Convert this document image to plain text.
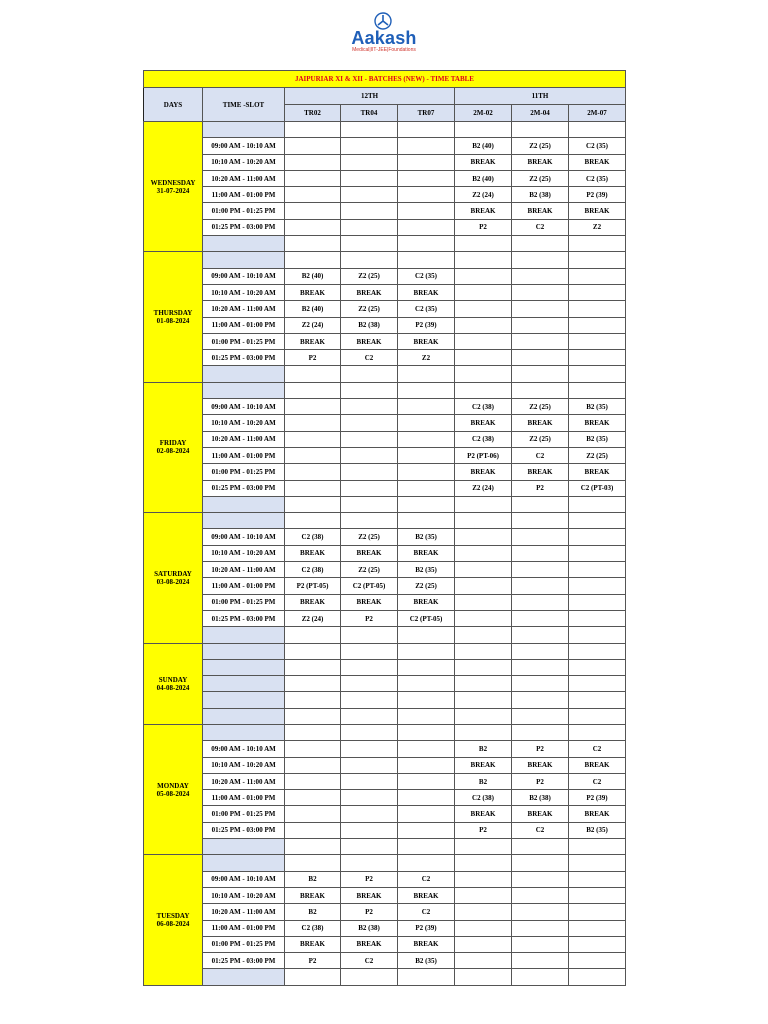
Aakash
Medical|IIT-JEE|Foundations
JAIPURIAR XI & XII - BATCHES (NEW) - TIME TABLE							
DAYS	TIME -SLOT	12TH			11TH		
		TR02	TR04	TR07	2M-02	2M-04	2M-07

WEDNESDAY
31-07-2024							

	09:00 AM - 10:10 AM				B2 (40)	Z2 (25)	C2 (35)
	10:10 AM - 10:20 AM				BREAK	BREAK	BREAK
	10:20 AM - 11:00 AM				B2 (40)	Z2 (25)	C2 (35)
	11:00 AM - 01:00 PM				Z2 (24)	B2 (38)	P2 (39)
	01:00 PM - 01:25 PM				BREAK	BREAK	BREAK
	01:25 PM - 03:00 PM				P2	C2	Z2

THURSDAY
01-08-2024							

	09:00 AM - 10:10 AM	B2 (40)	Z2 (25)	C2 (35)			
	10:10 AM - 10:20 AM	BREAK	BREAK	BREAK			
	10:20 AM - 11:00 AM	B2 (40)	Z2 (25)	C2 (35)			
	11:00 AM - 01:00 PM	Z2 (24)	B2 (38)	P2 (39)			
	01:00 PM - 01:25 PM	BREAK	BREAK	BREAK			
	01:25 PM - 03:00 PM	P2	C2	Z2			

FRIDAY
02-08-2024							

	09:00 AM - 10:10 AM				C2 (38)	Z2 (25)	B2 (35)
	10:10 AM - 10:20 AM				BREAK	BREAK	BREAK
	10:20 AM - 11:00 AM				C2 (38)	Z2 (25)	B2 (35)
	11:00 AM - 01:00 PM				P2 (PT-06)	C2	Z2 (25)
	01:00 PM - 01:25 PM				BREAK	BREAK	BREAK
	01:25 PM - 03:00 PM				Z2 (24)	P2	C2 (PT-03)

SATURDAY
03-08-2024							

	09:00 AM - 10:10 AM	C2 (38)	Z2 (25)	B2 (35)			
	10:10 AM - 10:20 AM	BREAK	BREAK	BREAK			
	10:20 AM - 11:00 AM	C2 (38)	Z2 (25)	B2 (35)			
	11:00 AM - 01:00 PM	P2 (PT-05)	C2 (PT-05)	Z2 (25)			
	01:00 PM - 01:25 PM	BREAK	BREAK	BREAK			
	01:25 PM - 03:00 PM	Z2 (24)	P2	C2 (PT-05)			

SUNDAY
04-08-2024							

MONDAY
05-08-2024							

	09:00 AM - 10:10 AM				B2	P2	C2
	10:10 AM - 10:20 AM				BREAK	BREAK	BREAK
	10:20 AM - 11:00 AM				B2	P2	C2
	11:00 AM - 01:00 PM				C2 (38)	B2 (38)	P2 (39)
	01:00 PM - 01:25 PM				BREAK	BREAK	BREAK
	01:25 PM - 03:00 PM				P2	C2	B2 (35)

TUESDAY
06-08-2024							

	09:00 AM - 10:10 AM	B2	P2	C2			
	10:10 AM - 10:20 AM	BREAK	BREAK	BREAK			
	10:20 AM - 11:00 AM	B2	P2	C2			
	11:00 AM - 01:00 PM	C2 (38)	B2 (38)	P2 (39)			
	01:00 PM - 01:25 PM	BREAK	BREAK	BREAK			
	01:25 PM - 03:00 PM	P2	C2	B2 (35)			
